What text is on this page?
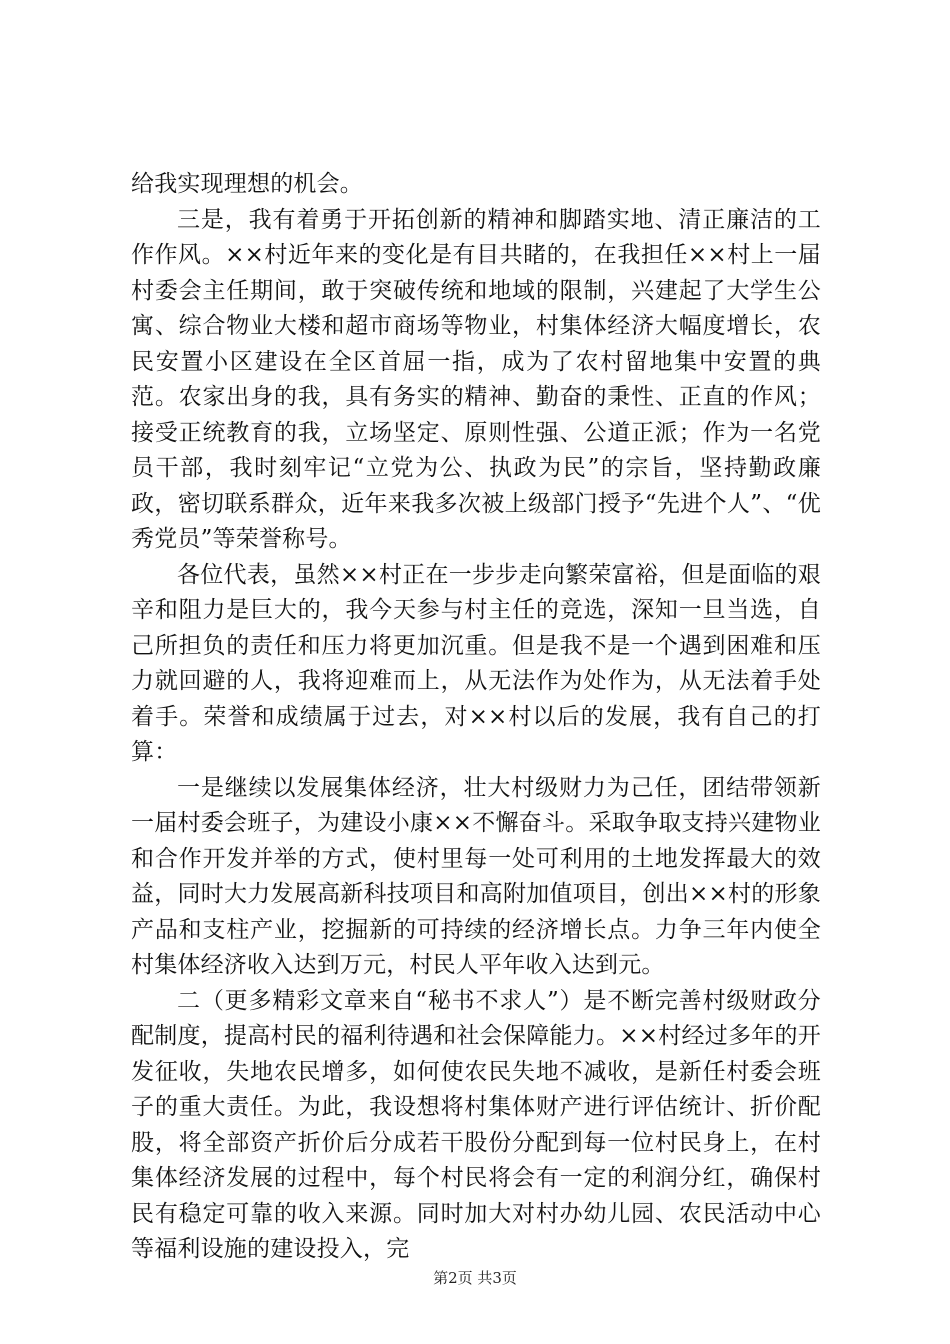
给我实现理想的机会。

三是，我有着勇于开拓创新的精神和脚踏实地、清正廉洁的工作作风。××村近年来的变化是有目共睹的，在我担任××村上一届村委会主任期间，敢于突破传统和地域的限制，兴建起了大学生公寓、综合物业大楼和超市商场等物业，村集体经济大幅度增长，农民安置小区建设在全区首屈一指，成为了农村留地集中安置的典范。农家出身的我，具有务实的精神、勤奋的秉性、正直的作风；接受正统教育的我，立场坚定、原则性强、公道正派；作为一名党员干部，我时刻牢记“立党为公、执政为民”的宗旨，坚持勤政廉政，密切联系群众，近年来我多次被上级部门授予“先进个人”、“优秀党员”等荣誉称号。

各位代表，虽然××村正在一步步走向繁荣富裕，但是面临的艰辛和阻力是巨大的，我今天参与村主任的竞选，深知一旦当选，自己所担负的责任和压力将更加沉重。但是我不是一个遇到困难和压力就回避的人，我将迎难而上，从无法作为处作为，从无法着手处着手。荣誉和成绩属于过去，对××村以后的发展，我有自己的打算：

一是继续以发展集体经济，壮大村级财力为己任，团结带领新一届村委会班子，为建设小康××不懈奋斗。采取争取支持兴建物业和合作开发并举的方式，使村里每一处可利用的土地发挥最大的效益，同时大力发展高新科技项目和高附加值项目，创出××村的形象产品和支柱产业，挖掘新的可持续的经济增长点。力争三年内使全村集体经济收入达到万元，村民人平年收入达到元。

二（更多精彩文章来自“秘书不求人”）是不断完善村级财政分配制度，提高村民的福利待遇和社会保障能力。××村经过多年的开发征收，失地农民增多，如何使农民失地不减收，是新任村委会班子的重大责任。为此，我设想将村集体财产进行评估统计、折价配股，将全部资产折价后分成若干股份分配到每一位村民身上，在村集体经济发展的过程中，每个村民将会有一定的利润分红，确保村民有稳定可靠的收入来源。同时加大对村办幼儿园、农民活动中心等福利设施的建设投入，完

第2页 共3页
